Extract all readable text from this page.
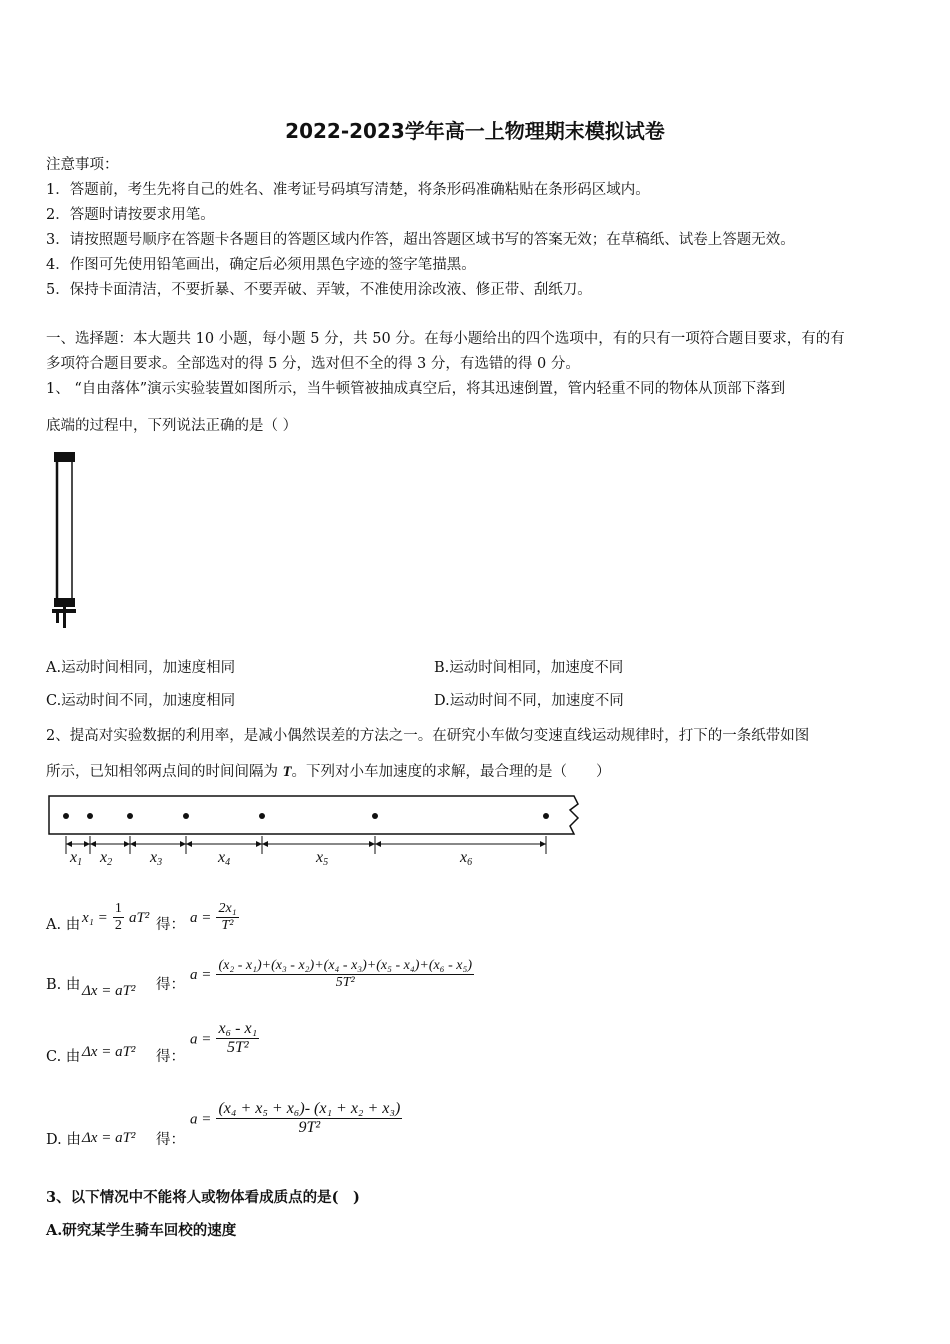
2022-2023学年高一上物理期末模拟试卷
注意事项：
1．答题前，考生先将自己的姓名、准考证号码填写清楚，将条形码准确粘贴在条形码区域内。
2．答题时请按要求用笔。
3．请按照题号顺序在答题卡各题目的答题区域内作答，超出答题区域书写的答案无效；在草稿纸、试卷上答题无效。
4．作图可先使用铅笔画出，确定后必须用黑色字迹的签字笔描黑。
5．保持卡面清洁，不要折暴、不要弄破、弄皱，不准使用涂改液、修正带、刮纸刀。
一、选择题：本大题共 10 小题，每小题 5 分，共 50 分。在每小题给出的四个选项中，有的只有一项符合题目要求，有的有
多项符合题目要求。全部选对的得 5 分，选对但不全的得 3 分，有选错的得 0 分。
1、 “自由落体”演示实验装置如图所示，当牛顿管被抽成真空后，将其迅速倒置，管内轻重不同的物体从顶部下落到
底端的过程中，下列说法正确的是（ ）
A.运动时间相同，加速度相同	B.运动时间相同，加速度不同
C.运动时间不同，加速度相同	D.运动时间不同，加速度不同
2、提高对实验数据的利用率，是减小偶然误差的方法之一。在研究小车做匀变速直线运动规律时，打下的一条纸带如图
所示，已知相邻两点间的时间间隔为 T。下列对小车加速度的求解，最合理的是（　　）
x1 x2 x3	x4	x5	x6
A. 由 $x_1 = \frac{1}{2} aT^2$ 得： $a = \frac{\text{2x₁}}{\text{T²}}$
B. 由 Δx = aT² 得：
$a = \frac{\text{(x₂ - x₁)+(x₃ - x₂)+(x₄ - x₃)+(x₅ - x₄)+(x₆ - x₅)}}{\text{5T²}}$
C. 由 Δx = aT² 得：
$a = \frac{\text{x₆ - x₁}}{\text{5T²}}$
D. 由 Δx = aT² 得：
$a = \frac{\text{(x₄ + x₅ + x₆)- (x₁ + x₂ + x₃)}}{\text{9T²}}$
3、以下情况中不能将人或物体看成质点的是(　)
A.研究某学生骑车回校的速度
